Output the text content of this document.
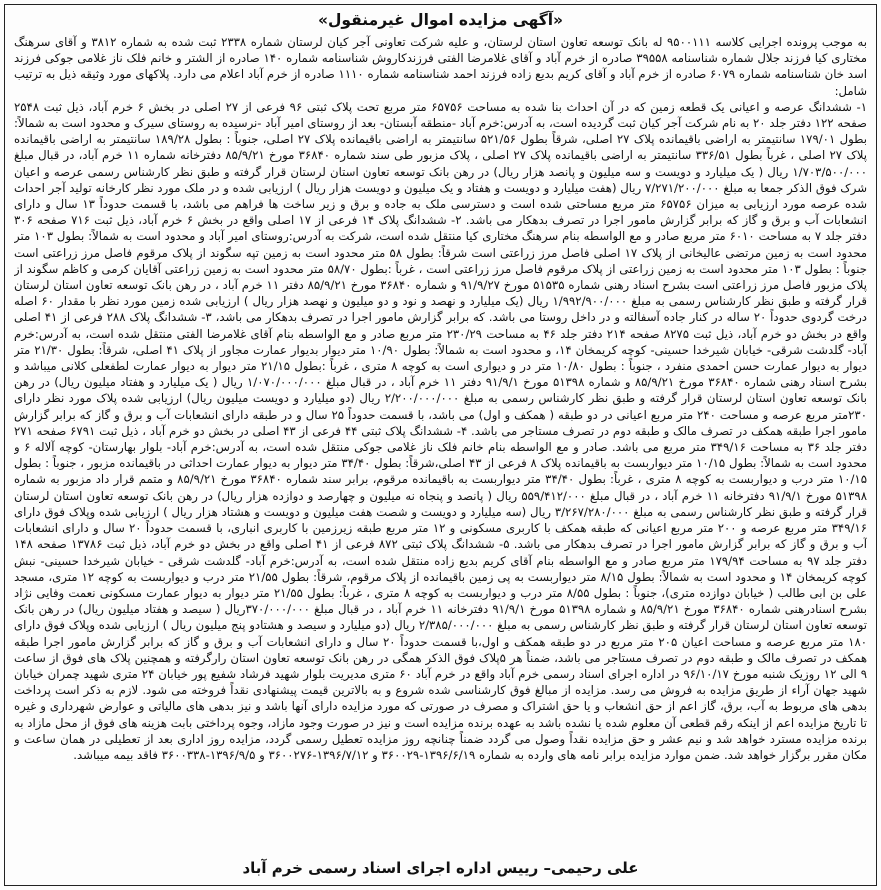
«آگهی مزایده اموال غیرمنقول»

به موجب پرونده اجرایی کلاسه ۹۵۰۰۱۱۱ له بانک توسعه تعاون استان لرستان، و علیه شرکت تعاونی آجر کیان لرستان شماره ۲۳۳۸ ثبت شده به شماره ۳۸۱۲ و آقای سرهنگ مختاری کیا فرزند جلال شماره شناسنامه ۳۹۵۵۸ صادره از خرم آباد و آقای غلامرضا الفتی فرزندکاروش شناسنامه شماره ۱۴۰ صادره از الشتر و خانم فلک ناز غلامی جوکی فرزند اسد خان شناسنامه شماره ۶۰۷۹ صادره از خرم آباد و آقای کریم بدیع زاده فرزند احمد شناسنامه شماره ۱۱۱۰ صادره از خرم آباد اعلام می دارد. پلاکهای مورد وثیقه ذیل به ترتیب شامل:

۱- ششدانگ عرصه و اعیانی یک قطعه زمین که در آن احداث بنا شده به مساحت ۶۵۷۵۶ متر مربع تحت پلاک ثبتی ۹۶ فرعی از ۲۷ اصلی در بخش ۶ خرم آباد، ذیل ثبت ۲۵۴۸ صفحه ۱۲۲ دفتر جلد ۲۰ به نام شرکت آجر کیان ثبت گردیده است، به آدرس:خرم آباد -منطقه آبستان- بعد از روستای امیر آباد -نرسیده به روستای سیرک و محدود است به شمالاً: بطول ۱۷۹/۰۱ سانتیمتر به اراضی باقیمانده پلاک ۲۷ اصلی، شرقاً بطول ۵۲۱/۵۶ سانتیمتر به اراضی باقیمانده پلاک ۲۷ اصلی، جنوباً : بطول ۱۸۹/۲۸ سانتیمتر به اراضی باقیمانده پلاک ۲۷ اصلی ، غرباً بطول ۳۳۶/۵۱ سانتیمتر به اراضی باقیمانده پلاک ۲۷ اصلی ، پلاک مزبور طی سند شماره ۳۶۸۴۰ مورخ ۸۵/۹/۲۱ دفترخانه شماره ۱۱ خرم آباد، در قبال مبلغ ۱/۷۰۳/۵۰۰/۰۰۰ ریال ( یک میلیارد و دویست و سه میلیون و پانصد هزار ریال) در رهن بانک توسعه تعاون استان لرستان قرار گرفته و طبق نظر کارشناس رسمی عرصه و اعیان شرک فوق الذکر جمعا به مبلغ ۷/۲۷۱/۲۰۰/۰۰۰ ریال (هفت میلیارد و دویست و هفتاد و یک میلیون و دویست هزار ریال ) ارزیابی شده و در ملک مورد نظر کارخانه تولید آجر احداث شده عرصه مورد ارزیابی به میزان ۶۵۷۵۶ متر مربع مساحتی شده است و دسترسی ملک به جاده و برق و زیر ساخت ها فراهم می باشد، با قسمت حدوداً ۱۳ سال و دارای انشعابات آب و برق و گاز که برابر گزارش مامور اجرا در تصرف بدهکار می باشد. ۲- ششدانگ پلاک ۱۴ فرعی از ۱۷ اصلی واقع در بخش ۶ خرم آباد، ذیل ثبت ۷۱۶ صفحه ۳۰۶ دفتر جلد ۷ به مساحت ۶۰۱۰ متر مربع صادر و مع الواسطه بنام سرهنگ مختاری کیا منتقل شده است، شرکت به آدرس:روستای امیر آباد و محدود است به شمالاً: بطول ۱۰۳ متر محدود است به زمین مرتضی عالیخانی از پلاک ۱۷ اصلی فاصل مرز زراعتی است شرقاً: بطول ۵۸ متر محدود است به زمین تپه سگوند از پلاک مرقوم فاصل مرز زراعتی است جنوباً : بطول ۱۰۳ متر محدود است به زمین زراعتی از پلاک مرقوم فاصل مرز زراعتی است ، غرباً :بطول ۵۸/۷۰ متر محدود است به زمین زراعتی آقایان کرمی و کاظم سگوند از پلاک مزبور فاصل مرز زراعتی است بشرح اسناد رهنی شماره ۵۱۵۳۵ مورخ ۹۱/۹/۲۷ و شماره ۳۶۸۴۰ مورخ ۸۵/۹/۲۱ دفتر ۱۱ خرم آباد ، در رهن بانک توسعه تعاون استان لرستان قرار گرفته و طبق نظر کارشناس رسمی به مبلغ ۱/۹۹۲/۹۰۰/۰۰۰ ریال (یک میلیارد و نهصد و نود و دو میلیون و نهصد هزار ریال ) ارزیابی شده زمین مورد نظر با مقدار ۶۰ اصله درخت گردوی حدوداً ۲۰ ساله در کنار جاده آسفالته و در داخل روستا می باشد. که برابر گزارش مامور اجرا در تصرف بدهکار می باشد، ۳- ششدانگ پلاک ۲۸۸ فرعی از ۴۱ اصلی واقع در بخش دو خرم آباد، ذیل ثبت ۸۲۷۵ صفحه ۲۱۴ دفتر جلد ۴۶ به مساحت ۲۳۰/۲۹ متر مربع صادر و مع الواسطه بنام آقای غلامرضا الفتی منتقل شده است، به آدرس:خرم آباد- گلدشت شرقی- خیابان شیرخدا حسینی- کوچه کریمخان ۱۴، و محدود است به شمالاً: بطول ۱۰/۹۰ متر دیوار بدیوار عمارت مجاور از پلاک ۴۱ اصلی، شرقاً: بطول ۲۱/۳۰ متر دیوار به دیوار عمارت حسن احمدی منفرد ، جنوباً : بطول ۱۰/۸۰ متر در و دیواری است به کوچه ۸ متری ، غرباً :بطول ۲۱/۱۵ متر دیوار به دیوار عمارت لطفعلی کلانی میباشد و بشرح اسناد رهنی شماره ۳۶۸۴۰ مورخ ۸۵/۹/۲۱ و شماره ۵۱۳۹۸ مورخ ۹۱/۹/۱ دفتر ۱۱ خرم آباد ، در قبال مبلغ ۱/۰۷۰/۰۰۰/۰۰۰ ریال ( یک میلیارد و هفتاد میلیون ریال) در رهن بانک توسعه تعاون استان لرستان قرار گرفته و طبق نظر کارشناس رسمی به مبلغ ۲/۲۰۰/۰۰۰/۰۰۰ ریال (دو میلیارد و دویست میلیون ریال) ارزیابی شده پلاک مورد نظر دارای ۲۳۰متر مربع عرصه و مساحت ۲۴۰ متر مربع اعیانی در دو طبقه ( همکف و اول) می باشد، با قسمت حدوداً ۲۵ سال و در طبقه دارای انشعابات آب و برق و گاز که برابر گزارش مامور اجرا طبقه همکف در تصرف مالک و طبقه دوم در تصرف مستاجر می باشد. ۴- ششدانگ پلاک ثبتی ۴۴ فرعی از ۴۳ اصلی در بخش دو خرم آباد ، ذیل ثبت ۶۷۹۱ صفحه ۲۷۱ دفتر جلد ۳۶ به مساحت ۳۴۹/۱۶ متر مربع می باشد. صادر و مع الواسطه بنام خانم فلک ناز غلامی جوکی منتقل شده است، به آدرس:خرم آباد- بلوار بهارستان- کوچه آلاله ۶ و محدود است به شمالاً: بطول ۱۰/۱۵ متر دیواربست به باقیمانده پلاک ۸ فرعی از ۴۳ اصلی،شرقاً: بطول ۳۴/۴۰ متر دیوار به دیوار عمارت احداثی در باقیمانده مزبور ، جنوباً : بطول ۱۰/۱۵ متر درب و دیواربست به کوچه ۸ متری ، غرباً: بطول ۳۴/۴۰ متر دیواربست به باقیمانده مرقوم، برابر سند شماره ۳۶۸۴۰ مورخ ۸۵/۹/۲۱ و متمم قرار داد مزبور به شماره ۵۱۳۹۸ مورخ ۹۱/۹/۱ دفترخانه ۱۱ خرم آباد ، در قبال مبلغ ۵۵۹/۴۱۲/۰۰۰ ریال ( پانصد و پنجاه نه میلیون و چهارصد و دوازده هزار ریال) در رهن بانک توسعه تعاون استان لرستان قرار گرفته و طبق نظر کارشناس رسمی به مبلغ ۳/۲۶۷/۲۸۰/۰۰۰ ریال (سه میلیارد و دویست و شصت هفت میلیون و دویست و هشتاد هزار ریال ) ارزیابی شده وپلاک فوق دارای ۳۴۹/۱۶ متر مربع عرصه و ۲۰۰ متر مربع اعیانی که طبقه همکف با کاربری مسکونی و ۱۲ متر مربع طبقه زیرزمین با کاربری انباری، با قسمت حدوداً ۲۰ سال و دارای انشعابات آب و برق و گاز که برابر گزارش مامور اجرا در تصرف بدهکار می باشد. ۵- ششدانگ پلاک ثبتی ۸۷۲ فرعی از ۴۱ اصلی واقع در بخش دو خرم آباد، ذیل ثبت ۱۳۷۸۶ صفحه ۱۴۸ دفتر جلد ۹۷ به مساحت ۱۷۹/۹۴ متر مربع صادر و مع الواسطه بنام آقای کریم بدیع زاده منتقل شده است، به آدرس:خرم آباد- گلدشت شرقی - خیابان شیرخدا حسینی- نبش کوچه کریمخان ۱۴ و محدود است به شمالاً: بطول ۸/۱۵ متر دیواربست به پی زمین باقیمانده از پلاک مرقوم، شرقاً: بطول ۲۱/۵۵ متر درب و دیواربست به کوچه ۱۲ متری، مسجد علی بن ابی طالب ( خیابان دوازده متری)، جنوباً : بطول ۸/۵۵ متر درب و دیواربست به کوچه ۸ متری ، غرباً: بطول ۲۱/۵۵ متر دیوار به دیوار عمارت مسکونی نعمت وفایی نژاد بشرح اسنادرهنی شماره ۳۶۸۴۰ مورخ ۸۵/۹/۲۱ و شماره ۵۱۳۹۸ مورخ ۹۱/۹/۱ دفترخانه ۱۱ خرم آباد ، در قبال مبلغ ۳۷۰/۰۰۰/۰۰۰ریال ( سیصد و هفتاد میلیون ریال) در رهن بانک توسعه تعاون استان لرستان قرار گرفته و طبق نظر کارشناس رسمی به مبلغ ۲/۳۸۵/۰۰۰/۰۰۰ ریال (دو میلیارد و سیصد و هشتادو پنج میلیون ریال ) ارزیابی شده وپلاک فوق دارای ۱۸۰ متر مربع عرصه و مساحت اعیان ۲۰۵ متر مربع در دو طبقه همکف و اول،با قسمت حدوداً ۲۰ سال و دارای انشعابات آب و برق و گاز که برابر گزارش مامور اجرا طبقه همکف در تصرف مالک و طبقه دوم در تصرف مستاجر می باشد، ضمناً هر ۵پلاک فوق الذکر همگی در رهن بانک توسعه تعاون استان رارگرفته و همچنین پلاک های فوق از ساعت ۹ الی ۱۲ روزیک شنبه مورخ ۹۶/۱۰/۱۷ در اداره اجرای اسناد رسمی خرم آباد واقع در خرم آباد ۶۰ متری مدیریت بلوار شهید فرشاد شفیع پور خیابان ۲۴ متری شهید چمران خیابان شهید جهان آراء از طریق مزایده به فروش می رسد. مزایده از مبالغ فوق کارشناسی شده شروع و به بالاترین قیمت پیشنهادی نقداً فروخته می شود. لازم به ذکر است پرداخت بدهی های مربوط به آب، برق، گاز اعم از حق انشعاب و یا حق اشتراک و مصرف در صورتی که مورد مزایده دارای آنها باشد و نیز بدهی های مالیاتی و عوارض شهرداری و غیره تا تاریخ مزایده اعم از اینکه رقم قطعی آن معلوم شده یا نشده باشد به عهده برنده مزایده است و نیز در صورت وجود مازاد، وجوه پرداختی بابت هزینه های فوق از محل مازاد به برنده مزایده مسترد خواهد شد و نیم عشر و حق مزایده نقداً وصول می گردد ضمناً چنانچه روز مزایده تعطیل رسمی گردد، مزایده روز اداری بعد از تعطیلی در همان ساعت و مکان مقرر برگزار خواهد شد. ضمن موارد مزایده برابر نامه های وارده به شماره ۱۳۹۶/۶/۱۹-۳۶۰۰۲۹ و ۱۳۹۶/۷/۱۲-۳۶۰۰۲۷۶ و ۱۳۹۶/۹/۵-۳۶۰۰۳۳۸ فاقد بیمه میباشد.

علی رحیمی– رییس اداره اجرای اسناد رسمی خرم آباد
